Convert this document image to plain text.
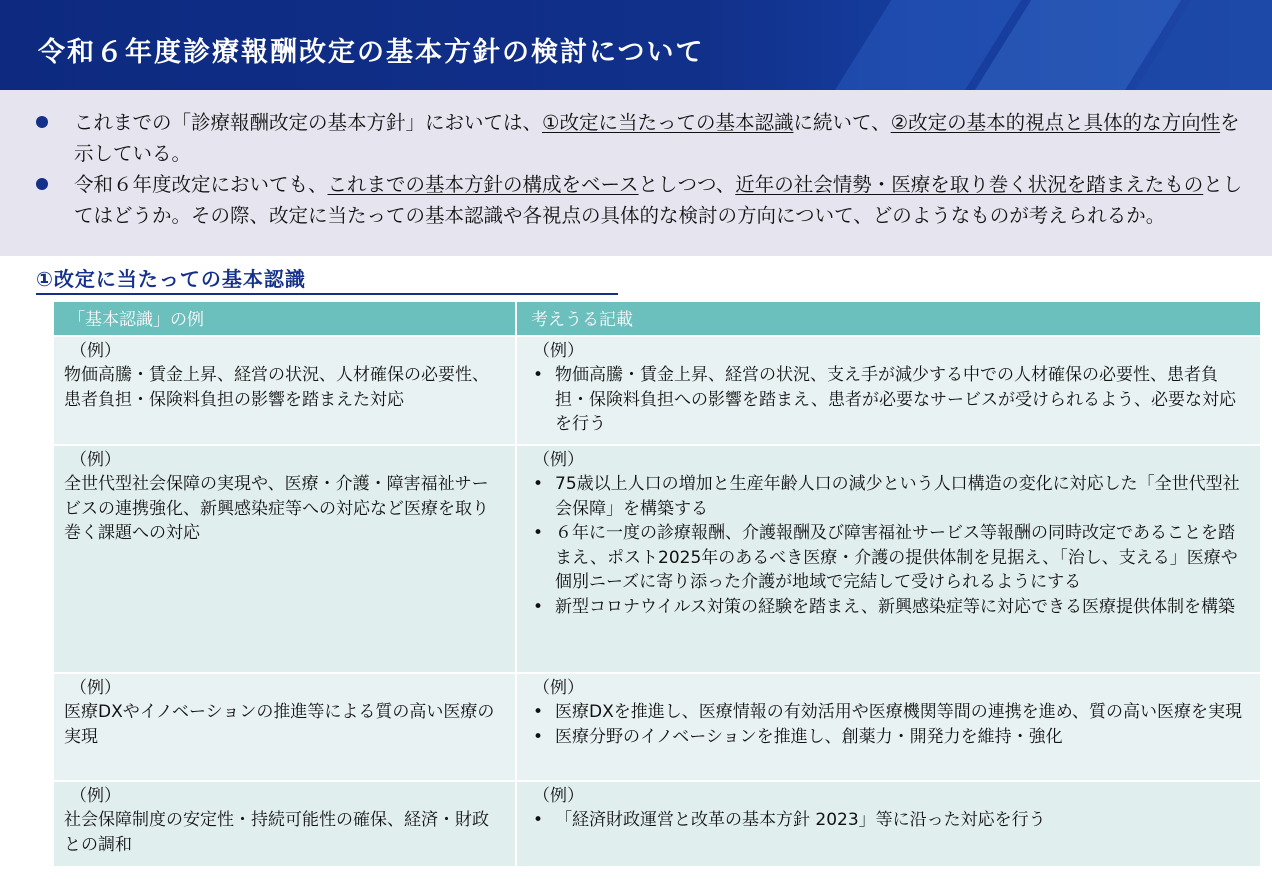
令和６年度診療報酬改定の基本方針の検討について
これまでの「診療報酬改定の基本方針」においては、①改定に当たっての基本認識に続いて、②改定の基本的視点と具体的な方向性を示している。
令和６年度改定においても、これまでの基本方針の構成をベースとしつつ、近年の社会情勢・医療を取り巻く状況を踏まえたものとしてはどうか。その際、改定に当たっての基本認識や各視点の具体的な検討の方向について、どのようなものが考えられるか。
①改定に当たっての基本認識
「基本認識」の例	考えうる記載
（例）
物価高騰・賃金上昇、経営の状況、人材確保の必要性、患者負担・保険料負担の影響を踏まえた対応
（例）
• 物価高騰・賃金上昇、経営の状況、支え手が減少する中での人材確保の必要性、患者負担・保険料負担への影響を踏まえ、患者が必要なサービスが受けられるよう、必要な対応を行う
（例）
全世代型社会保障の実現や、医療・介護・障害福祉サービスの連携強化、新興感染症等への対応など医療を取り巻く課題への対応
（例）
• 75歳以上人口の増加と生産年齢人口の減少という人口構造の変化に対応した「全世代型社会保障」を構築する
• ６年に一度の診療報酬、介護報酬及び障害福祉サービス等報酬の同時改定であることを踏まえ、ポスト2025年のあるべき医療・介護の提供体制を見据え、「治し、支える」医療や個別ニーズに寄り添った介護が地域で完結して受けられるようにする
• 新型コロナウイルス対策の経験を踏まえ、新興感染症等に対応できる医療提供体制を構築
（例）
医療DXやイノベーションの推進等による質の高い医療の実現
（例）
• 医療DXを推進し、医療情報の有効活用や医療機関等間の連携を進め、質の高い医療を実現
• 医療分野のイノベーションを推進し、創薬力・開発力を維持・強化
（例）
社会保障制度の安定性・持続可能性の確保、経済・財政との調和
（例）
• 「経済財政運営と改革の基本方針 2023」等に沿った対応を行う
